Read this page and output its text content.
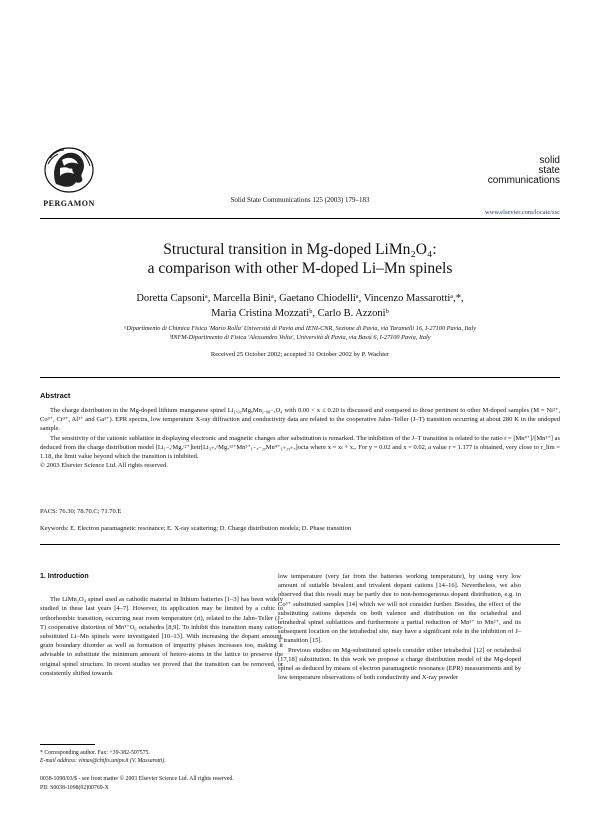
PERGAMON	Solid State Communications 125 (2003) 179–183
solid
state
communications
www.elsevier.com/locate/ssc
Structural transition in Mg-doped LiMn₂O₄:
a comparison with other M-doped Li–Mn spinels
Doretta Capsoniᵃ, Marcella Biniᵃ, Gaetano Chiodelliᵃ, Vincenzo Massarottiᵃ,*,
Maria Cristina Mozzatiᵇ, Carlo B. Azzoniᵇ
ᵃDipartimento di Chimica Fisica 'Mario Rolla' Università di Pavia and IENI-CNR, Sezione di Pavia, via Taramelli 16, I-27100 Pavia, Italy
ᵇINFM-Dipartimento di Fisica 'Alessandro Volta', Università di Pavia, via Bassi 6, I-27100 Pavia, Italy
Received 25 October 2002; accepted 31 October 2002 by P. Wachter
Abstract

The charge distribution in the Mg-doped lithium manganese spinel Li₁.₀₂MgₓMn₁.₉₈₋ₓO₄ with 0.00 < x ≤ 0.20 is discussed and compared to those pertinent to other M-doped samples (M = Ni²⁺, Co³⁺, Cr³⁺, Al³⁺ and Ga³⁺). EPR spectra, low temperature X-ray diffraction and conductivity data are related to the cooperative Jahn–Teller (J–T) transition occurring at about 280 K in the undoped sample.

The sensitivity of the cationic sublattice in displaying electronic and magnetic changes after substitution is remarked. The inhibition of the J–T transition is related to the ratio r = [Mn⁴⁺]/[Mn³⁺] as deduced from the charge distribution model [Li₁₋ₓᵗMgₓᵗ²⁺]tetr[Li₃₊ₓᵒMgₓᵒ²⁺Mn³⁺₁₋ₓ₋₂ᵧMn⁴⁺₁₊₂ᵧ₊ₓ]octa where x = xₜ + xₒ. For y = 0.02 and x = 0.02, a value r = 1.177 is obtained, very close to r_lim = 1.18, the limit value beyond which the transition is inhibited.

© 2003 Elsevier Science Ltd. All rights reserved.
PACS: 76.30; 78.70.C; 71.70.E
Keywords: E. Electron paramagnetic resonance; E. X-ray scattering; D. Charge distribution models; D. Phase transition
1. Introduction

The LiMn₂O₄ spinel used as cathodic material in lithium batteries [1–3] has been widely studied in these last years [4–7]. However, its application may be limited by a cubic to orthorhombic transition, occurring near room temperature (rt), related to the Jahn–Teller (J–T) cooperative distortion of Mn³⁺O₆ octahedra [8,9]. To inhibit this transition many cation-substituted Li–Mn spinels were investigated [10–13]. With increasing the dopant amount, grain boundary disorder as well as formation of impurity phases increases too, making it advisable to substitute the minimum amount of hetero-atoms in the lattice to preserve the original spinel structure. In recent studies we proved that the transition can be removed, or consistently shifted towards

low temperature (very far from the batteries working temperature), by using very low amount of suitable bivalent and trivalent dopant cations [14–16]. Nevertheless, we also observed that this result may be partly due to non-homogeneous dopant distribution, e.g. in Co³⁺ substituted samples [14] which we will not consider further. Besides, the effect of the substituting cations depends on both valence and distribution on the octahedral and tetrahedral spinel sublattices and furthermore a partial reduction of Mn³⁺ to Mn²⁺, and its subsequent location on the tetrahedral site, may have a significant role in the inhibition of J–T transition [15].

Previous studies on Mg-substituted spinels consider either tetrahedral [12] or octahedral [17,18] substitution. In this work we propose a charge distribution model of the Mg-doped spinel as deduced by means of electron paramagnetic resonance (EPR) measurements and by low temperature observations of both conductivity and X-ray powder

* Corresponding author. Fax: +39-382-507575.
E-mail address: vimas@chifis.unipv.it (V. Massarotti).
0038-1098/03/$ - see front matter © 2003 Elsevier Science Ltd. All rights reserved.
PII: S0038-1098(02)00769-X
